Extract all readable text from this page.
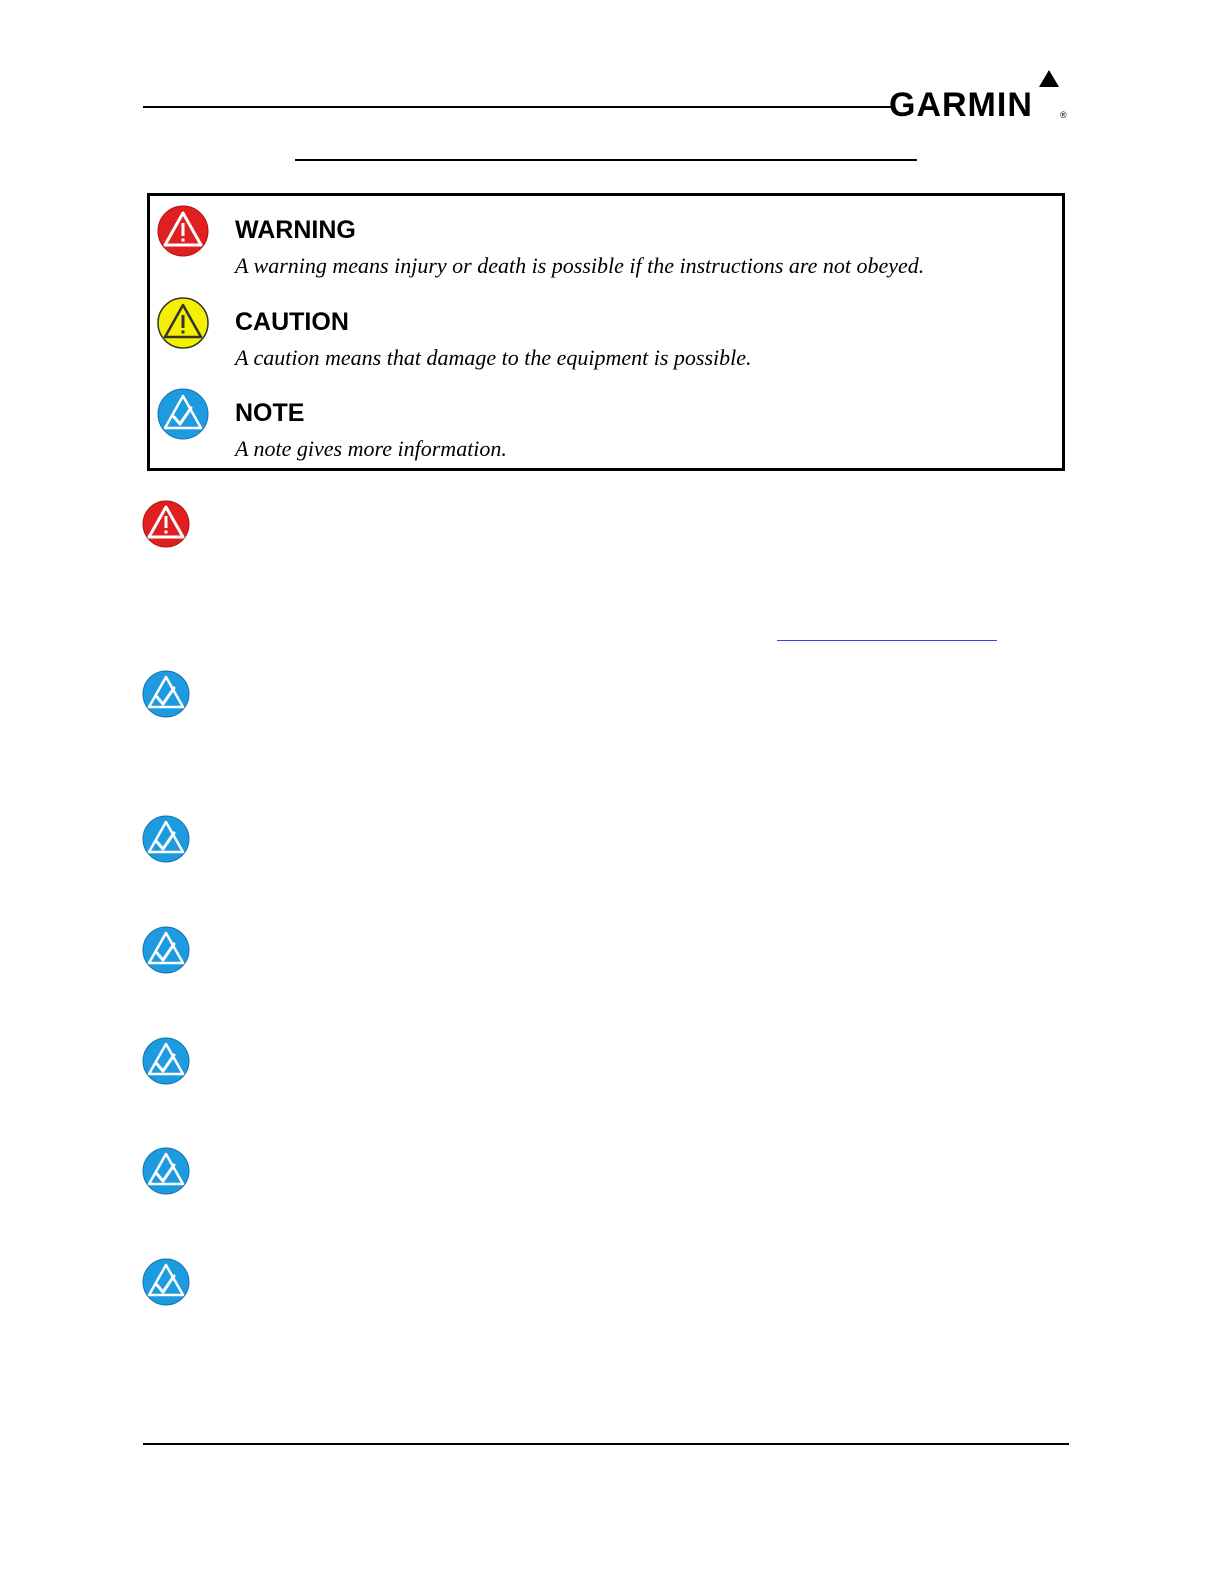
GARMIN	®
WARNING
A warning means injury or death is possible if the instructions are not obeyed.
CAUTION
A caution means that damage to the equipment is possible.
NOTE
A note gives more information.
